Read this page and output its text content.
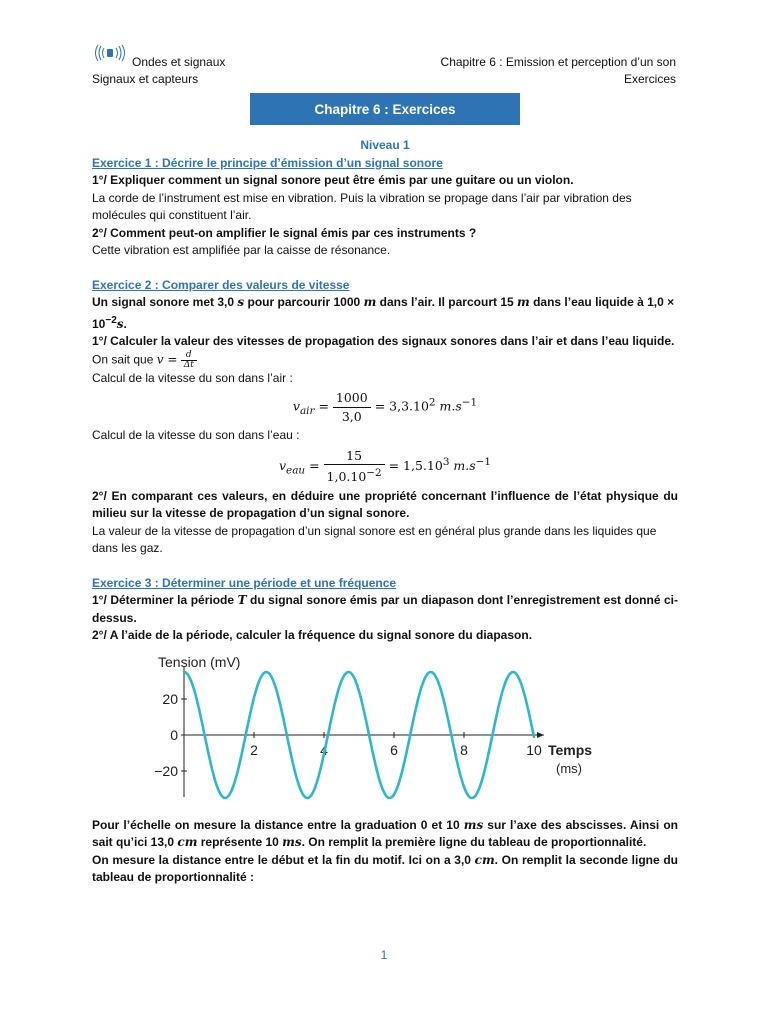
Ondes et signaux
Signaux et capteurs
Chapitre 6 : Emission et perception d’un son
Exercices
Chapitre 6 : Exercices

Niveau 1

Exercice 1 : Décrire le principe d’émission d’un signal sonore

1°/ Expliquer comment un signal sonore peut être émis par une guitare ou un violon.

La corde de l’instrument est mise en vibration. Puis la vibration se propage dans l’air par vibration des molécules qui constituent l’air.

2°/ Comment peut-on amplifier le signal émis par ces instruments ?

Cette vibration est amplifiée par la caisse de résonance.

Exercice 2 : Comparer des valeurs de vitesse

Un signal sonore met 3,0 s pour parcourir 1000 m dans l’air. Il parcourt 15 m dans l’eau liquide à 1,0 ×
$10^{-2}s$.

1°/ Calculer la valeur des vitesses de propagation des signaux sonores dans l’air et dans l’eau liquide.

On sait que $v = \frac{d}{\Delta t}$

Calcul de la vitesse du son dans l’air :

$v_{air} = \frac{1000}{3,0} = 3,3.10^2$ $m.s^{-1}$

Calcul de la vitesse du son dans l’eau :

$v_{eau} = \frac{15}{1,0.10^{-2}} = 1,5.10^3$ $m.s^{-1}$

2°/ En comparant ces valeurs, en déduire une propriété concernant l’influence de l’état physique du milieu sur la vitesse de propagation d’un signal sonore.

La valeur de la vitesse de propagation d’un signal sonore est en général plus grande dans les liquides que dans les gaz.

Exercice 3 : Déterminer une période et une fréquence

1°/ Déterminer la période T du signal sonore émis par un diapason dont l’enregistrement est donné ci-dessus.

2°/ A l’aide de la période, calculer la fréquence du signal sonore du diapason.

Tension (mV)
20
0
−20
2	4	6	8	10 Temps
(ms)

Pour l’échelle on mesure la distance entre la graduation 0 et 10 ms sur l’axe des abscisses. Ainsi on sait qu’ici 13,0 cm représente 10 ms. On remplit la première ligne du tableau de proportionnalité.

On mesure la distance entre le début et la fin du motif. Ici on a 3,0 cm. On remplit la seconde ligne du tableau de proportionnalité :

1
